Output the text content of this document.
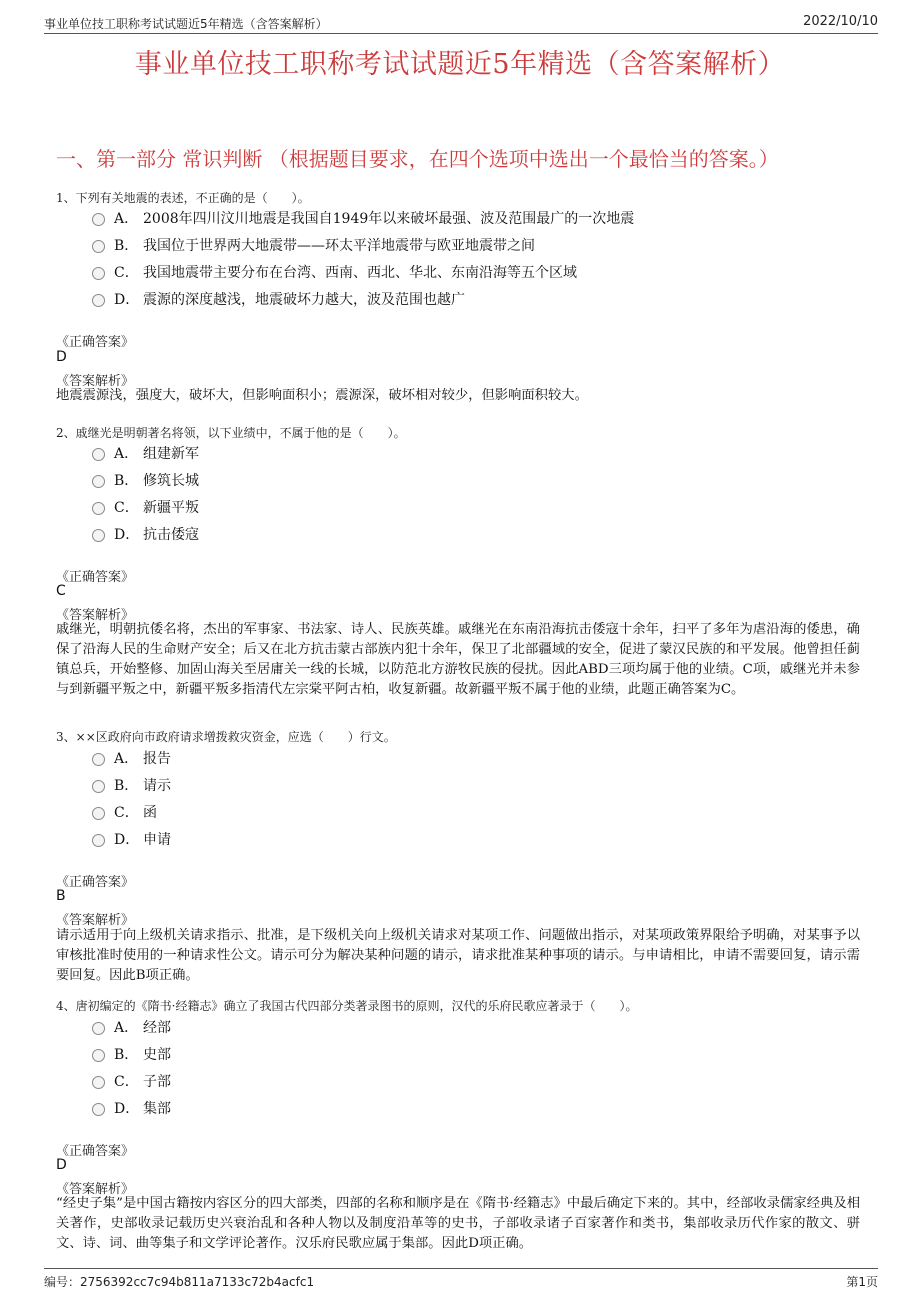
事业单位技工职称考试试题近5年精选（含答案解析）	2022/10/10
事业单位技工职称考试试题近5年精选（含答案解析）
一、第一部分 常识判断 （根据题目要求，在四个选项中选出一个最恰当的答案。）
1、下列有关地震的表述，不正确的是（　　）。
A． 2008年四川汶川地震是我国自1949年以来破坏最强、波及范围最广的一次地震
B． 我国位于世界两大地震带——环太平洋地震带与欧亚地震带之间
C． 我国地震带主要分布在台湾、西南、西北、华北、东南沿海等五个区域
D． 震源的深度越浅，地震破坏力越大，波及范围也越广
《正确答案》
D
《答案解析》
地震震源浅，强度大，破坏大，但影响面积小；震源深，破坏相对较少，但影响面积较大。
2、戚继光是明朝著名将领，以下业绩中，不属于他的是（　　）。
A． 组建新军
B． 修筑长城
C． 新疆平叛
D． 抗击倭寇
《正确答案》
C
《答案解析》
戚继光，明朝抗倭名将，杰出的军事家、书法家、诗人、民族英雄。戚继光在东南沿海抗击倭寇十余年，扫平了多年为虐沿海的倭患，确保了沿海人民的生命财产安全；后又在北方抗击蒙古部族内犯十余年，保卫了北部疆域的安全，促进了蒙汉民族的和平发展。他曾担任蓟镇总兵，开始整修、加固山海关至居庸关一线的长城，以防范北方游牧民族的侵扰。因此ABD三项均属于他的业绩。C项，戚继光并未参与到新疆平叛之中，新疆平叛多指清代左宗棠平阿古柏，收复新疆。故新疆平叛不属于他的业绩，此题正确答案为C。
3、××区政府向市政府请求增拨救灾资金，应选（　　）行文。
A． 报告
B． 请示
C． 函
D． 申请
《正确答案》
B
《答案解析》
请示适用于向上级机关请求指示、批准，是下级机关向上级机关请求对某项工作、问题做出指示，对某项政策界限给予明确，对某事予以审核批准时使用的一种请求性公文。请示可分为解决某种问题的请示，请求批准某种事项的请示。与申请相比，申请不需要回复，请示需要回复。因此B项正确。
4、唐初编定的《隋书·经籍志》确立了我国古代四部分类著录图书的原则，汉代的乐府民歌应著录于（　　）。
A． 经部
B． 史部
C． 子部
D． 集部
《正确答案》
D
《答案解析》
“经史子集”是中国古籍按内容区分的四大部类，四部的名称和顺序是在《隋书·经籍志》中最后确定下来的。其中，经部收录儒家经典及相关著作，史部收录记载历史兴衰治乱和各种人物以及制度沿革等的史书，子部收录诸子百家著作和类书，集部收录历代作家的散文、骈文、诗、词、曲等集子和文学评论著作。汉乐府民歌应属于集部。因此D项正确。
编号：2756392cc7c94b811a7133c72b4acfc1	第1页
